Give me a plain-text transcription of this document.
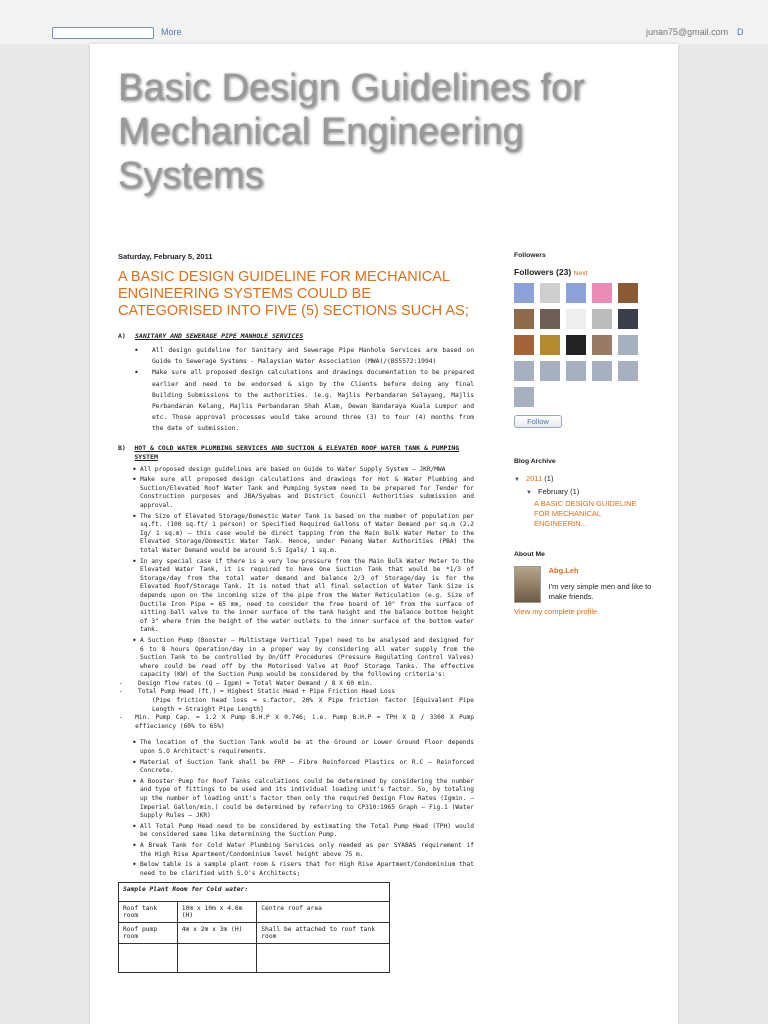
More	junan75@gmail.com D
Basic Design Guidelines for Mechanical Engineering Systems
Saturday, February 5, 2011
A BASIC DESIGN GUIDELINE FOR MECHANICAL ENGINEERING SYSTEMS COULD BE CATEGORISED INTO FIVE (5) SECTIONS SUCH AS;
A)	SANITARY AND SEWERAGE PIPE MANHOLE SERVICES
• All design guideline for Sanitary and Sewerage Pipe Manhole Services are based on Guide to Sewerage Systems - Malaysian Water Association (MWA)/(BS5572:1994)
• Make sure all proposed design calculations and drawings documentation to be prepared earlier and need to be endorsed & sign by the Clients before doing any final Building Submissions to the authorities. (e.g. Majlis Perbandaran Selayang, Majlis Perbandaran Kelang, Majlis Perbandaran Shah Alam, Dewan Bandaraya Kuala Lumpur and etc. Those approval processes would take around three (3) to four (4) months from the date of submission.
B)	HOT & COLD WATER PLUMBING SERVICES AND SUCTION & ELEVATED ROOF WATER TANK & PUMPING SYSTEM
• All proposed design guidelines are based on Guide to Water Supply System – JKR/MWA
• Make sure all proposed design calculations and drawings for Hot & Water Plumbing and Suction/Elevated Roof Water Tank and Pumping System need to be prepared for Tender for Construction purposes and JBA/Syabas and District Council Authorities submission and approval.
• The Size of Elevated Storage/Domestic Water Tank is based on the number of population per sq.ft. (100 sq.ft/ 1 person) or Specified Required Gallons of Water Demand per sq.m (2.2 Ig/ 1 sq.m) – this case would be direct tapping from the Main Bulk Water Meter to the Elevated Storage/Domestic Water Tank. Hence, under Penang Water Authorities (PBA) the total Water Demand would be around 5.5 Igals/ 1 sq.m.
• In any special case if there is a very low pressure from the Main Bulk Water Meter to the Elevated Water Tank, it is required to have One Suction Tank that would be *1/3 of Storage/day from the total water demand and balance 2/3 of Storage/day is for the Elevated Roof/Storage Tank. It is noted that all final selection of Water Tank Size is depends upon on the incoming size of the pipe from the Water Reticulation (e.g. Size of Ductile Iron Pipe = 65 mm, need to consider the free board of 10" from the surface of sitting ball valve to the inner surface of the tank height and the balance bottom height of 3" where from the height of the water outlets to the inner surface of the bottom water tank.
• A Suction Pump (Booster – Multistage Vertical Type) need to be analysed and designed for 6 to 8 hours Operation/day in a proper way by considering all water supply from the Suction Tank to be controlled by On/Off Procedures (Pressure Regulating Control Valves) where could be read off by the Motorised Valve at Roof Storage Tanks. The effective capacity (KW) of the Suction Pump would be considered by the following criteria's:
-	Design flow rates (Q – Igpm) = Total Water Demand / 8 X 60 min.
-	Total Pump Head (ft.) = Highest Static Head + Pipe Friction Head Loss
(Pipe friction head loss = s.factor, 20% X Pipe friction factor [Equivalent Pipe Length + Straight Pipe Length]
-	Min. Pump Cap. = 1.2 X Pump B.H.P X 0.746; i.e. Pump B.H.P = TPH X Q / 3300 X Pump effieciency (60% to 65%)
• The location of the Suction Tank would be at the Ground or Lower Ground Floor depends upon S.O Architect's requirements.
• Material of Suction Tank shall be FRP – Fibre Reinforced Plastics or R.C – Reinforced Concrete.
• A Booster Pump for Roof Tanks calculations could be determined by considering the number and type of fittings to be used and its individual loading unit's factor. So, by totaling up the number of loading unit's factor then only the required Design Flow Rates (Igmin. – Imperial Gallon/min.) could be determined by referring to CP310:1965 Graph – Fig.1 (Water Supply Rules – JKR)
• All Total Pump Head need to be considered by estimating the Total Pump Head (TPH) would be considered same like determining the Suction Pump.
• A Break Tank for Cold Water Plumbing Services only needed as per SYABAS requirement if the High Rise Apartment/Condominium level height above 75 m.
• Below table is a sample plant room & risers that for High Rise Apartment/Condominium that need to be clarified with S.O's Architects;
Sample Plant Room for Cold water:		
Roof tank room	10m x 10m x 4.6m (H)	Centre roof area
Roof pump room	4m x 2m x 3m (H)	Shall be attached to roof tank room

Followers
Followers (23) Next
Follow
Blog Archive
▼ 2011 (1)
▼ February (1)
A BASIC DESIGN GUIDELINE FOR MECHANICAL ENGINEERIN...
About Me
Abg.Leh
I'm very simple men and like to make friends.
View my complete profile
